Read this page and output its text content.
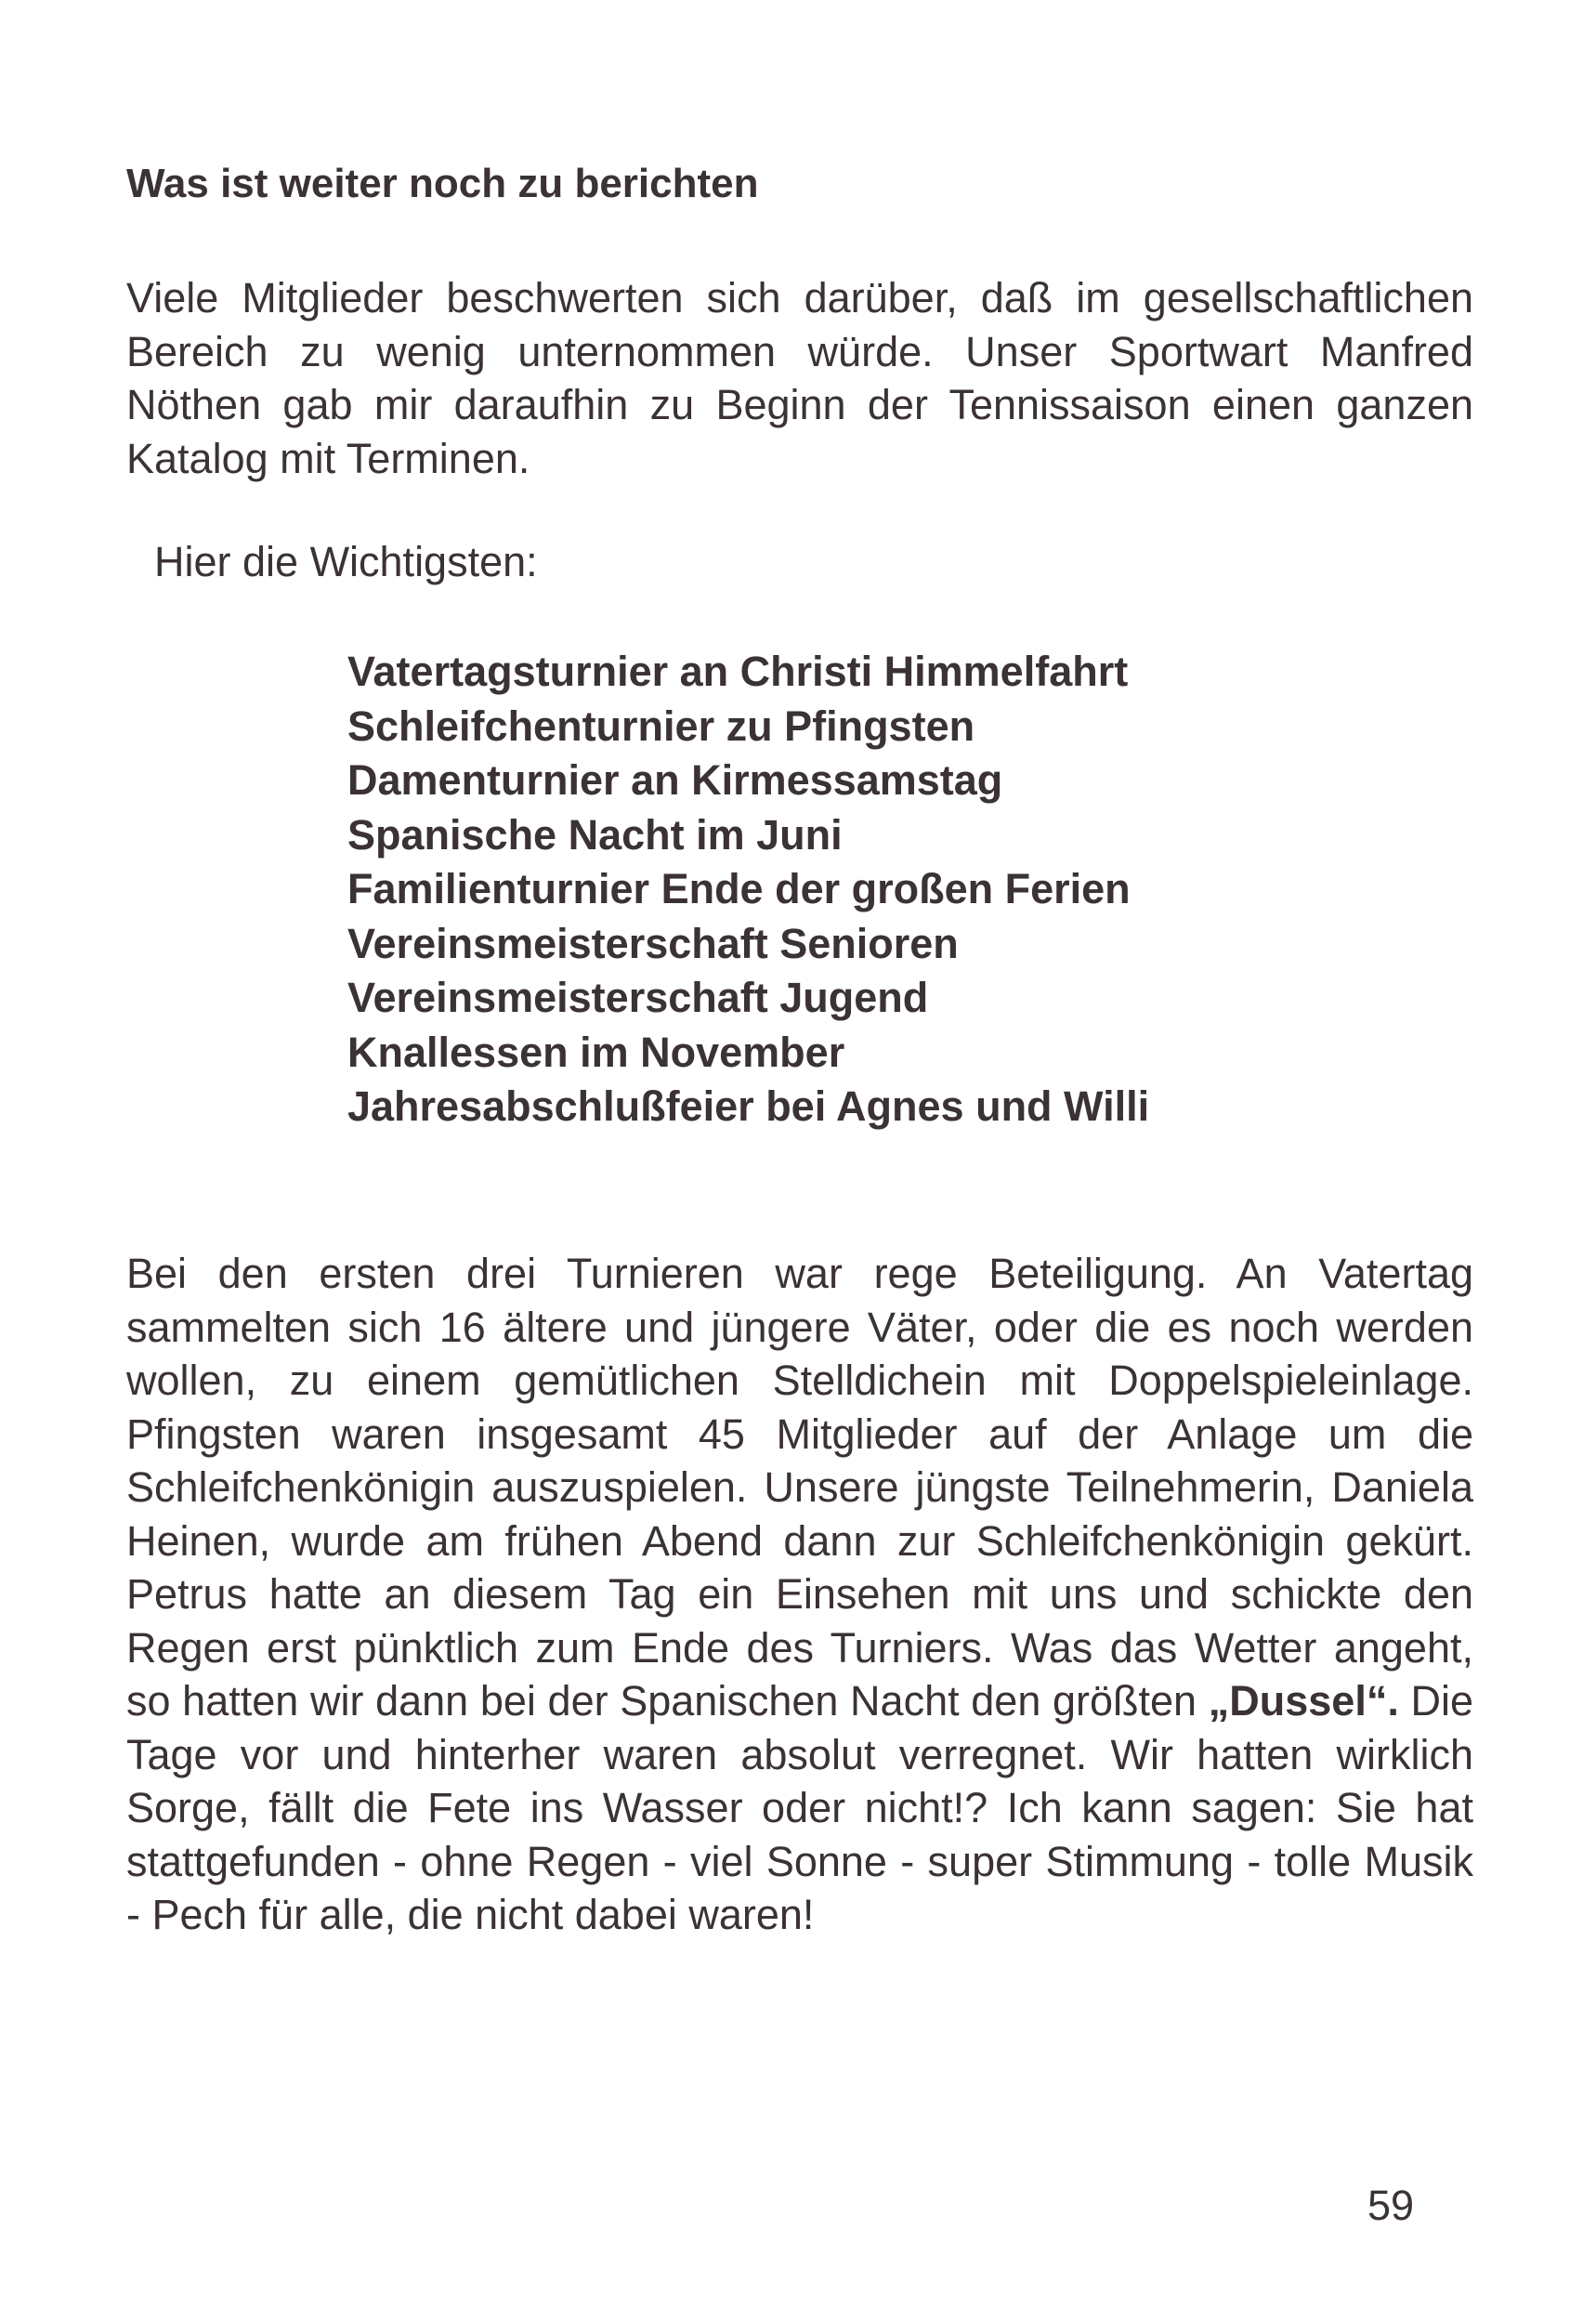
Was ist weiter noch zu berichten

Viele Mitglieder beschwerten sich darüber, daß im gesellschaftlichen Bereich zu wenig unternommen würde. Unser Sportwart Manfred Nöthen gab mir daraufhin zu Beginn der Tennissaison einen ganzen Katalog mit Terminen.

Hier die Wichtigsten:

Vatertagsturnier an Christi Himmelfahrt
Schleifchenturnier zu Pfingsten
Damenturnier an Kirmessamstag
Spanische Nacht im Juni
Familienturnier Ende der großen Ferien
Vereinsmeisterschaft Senioren
Vereinsmeisterschaft Jugend
Knallessen im November
Jahresabschlußfeier bei Agnes und Willi

Bei den ersten drei Turnieren war rege Beteiligung. An Vatertag sammelten sich 16 ältere und jüngere Väter, oder die es noch werden wollen, zu einem gemütlichen Stelldichein mit Doppelspieleinlage. Pfingsten waren insgesamt 45 Mitglieder auf der Anlage um die Schleifchenkönigin auszuspielen. Unsere jüngste Teilnehmerin, Daniela Heinen, wurde am frühen Abend dann zur Schleifchenkönigin gekürt. Petrus hatte an diesem Tag ein Einsehen mit uns und schickte den Regen erst pünktlich zum Ende des Turniers. Was das Wetter angeht, so hatten wir dann bei der Spanischen Nacht den größten „Dussel“. Die Tage vor und hinterher waren absolut verregnet. Wir hatten wirklich Sorge, fällt die Fete ins Wasser oder nicht!? Ich kann sagen: Sie hat stattgefunden - ohne Regen - viel Sonne - super Stimmung - tolle Musik - Pech für alle, die nicht dabei waren!

59
